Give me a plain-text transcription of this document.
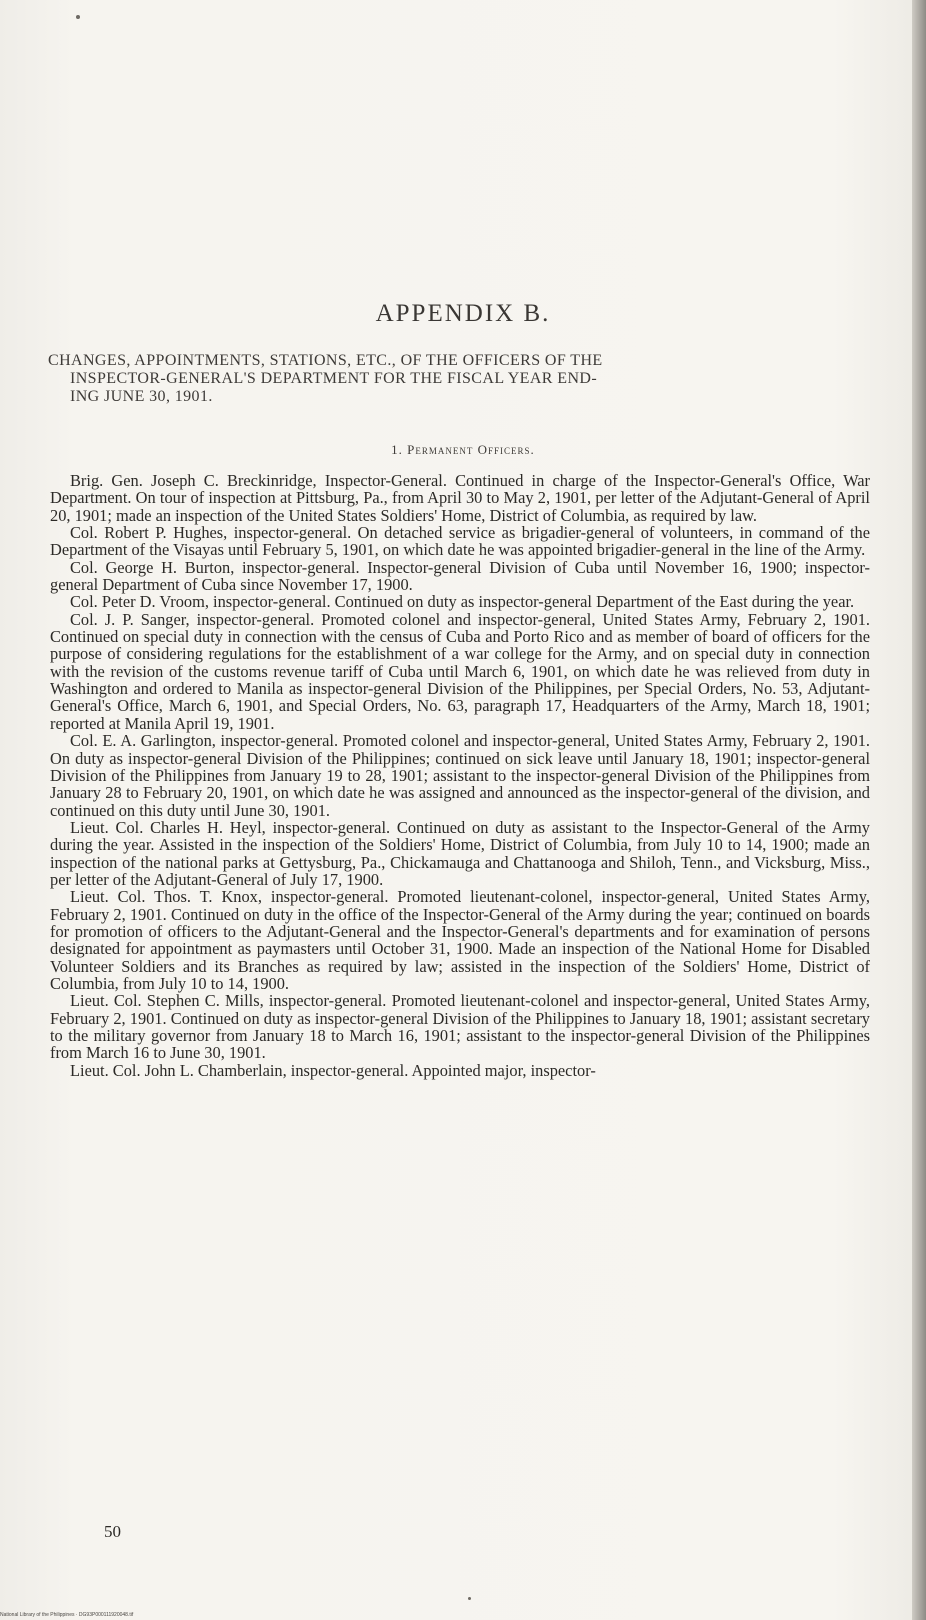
APPENDIX B.
CHANGES, APPOINTMENTS, STATIONS, ETC., OF THE OFFICERS OF THE
INSPECTOR-GENERAL'S DEPARTMENT FOR THE FISCAL YEAR END-
ING JUNE 30, 1901.
1. Permanent Officers.

Brig. Gen. Joseph C. Breckinridge, Inspector-General. Continued in charge of the Inspector-General's Office, War Department. On tour of inspection at Pittsburg, Pa., from April 30 to May 2, 1901, per letter of the Adjutant-General of April 20, 1901; made an inspection of the United States Soldiers' Home, District of Columbia, as required by law.

Col. Robert P. Hughes, inspector-general. On detached service as brigadier-general of volunteers, in command of the Department of the Visayas until February 5, 1901, on which date he was appointed brigadier-general in the line of the Army.

Col. George H. Burton, inspector-general. Inspector-general Division of Cuba until November 16, 1900; inspector-general Department of Cuba since November 17, 1900.

Col. Peter D. Vroom, inspector-general. Continued on duty as inspector-general Department of the East during the year.

Col. J. P. Sanger, inspector-general. Promoted colonel and inspector-general, United States Army, February 2, 1901. Continued on special duty in connection with the census of Cuba and Porto Rico and as member of board of officers for the purpose of considering regulations for the establishment of a war college for the Army, and on special duty in connection with the revision of the customs revenue tariff of Cuba until March 6, 1901, on which date he was relieved from duty in Washington and ordered to Manila as inspector-general Division of the Philippines, per Special Orders, No. 53, Adjutant-General's Office, March 6, 1901, and Special Orders, No. 63, paragraph 17, Headquarters of the Army, March 18, 1901; reported at Manila April 19, 1901.

Col. E. A. Garlington, inspector-general. Promoted colonel and inspector-general, United States Army, February 2, 1901. On duty as inspector-general Division of the Philippines; continued on sick leave until January 18, 1901; inspector-general Division of the Philippines from January 19 to 28, 1901; assistant to the inspector-general Division of the Philippines from January 28 to February 20, 1901, on which date he was assigned and announced as the inspector-general of the division, and continued on this duty until June 30, 1901.

Lieut. Col. Charles H. Heyl, inspector-general. Continued on duty as assistant to the Inspector-General of the Army during the year. Assisted in the inspection of the Soldiers' Home, District of Columbia, from July 10 to 14, 1900; made an inspection of the national parks at Gettysburg, Pa., Chickamauga and Chattanooga and Shiloh, Tenn., and Vicksburg, Miss., per letter of the Adjutant-General of July 17, 1900.

Lieut. Col. Thos. T. Knox, inspector-general. Promoted lieutenant-colonel, inspector-general, United States Army, February 2, 1901. Continued on duty in the office of the Inspector-General of the Army during the year; continued on boards for promotion of officers to the Adjutant-General and the Inspector-General's departments and for examination of persons designated for appointment as paymasters until October 31, 1900. Made an inspection of the National Home for Disabled Volunteer Soldiers and its Branches as required by law; assisted in the inspection of the Soldiers' Home, District of Columbia, from July 10 to 14, 1900.

Lieut. Col. Stephen C. Mills, inspector-general. Promoted lieutenant-colonel and inspector-general, United States Army, February 2, 1901. Continued on duty as inspector-general Division of the Philippines to January 18, 1901; assistant secretary to the military governor from January 18 to March 16, 1901; assistant to the inspector-general Division of the Philippines from March 16 to June 30, 1901.

Lieut. Col. John L. Chamberlain, inspector-general. Appointed major, inspector-

50
National Library of the Philippines · DG93P000111920048.tif
